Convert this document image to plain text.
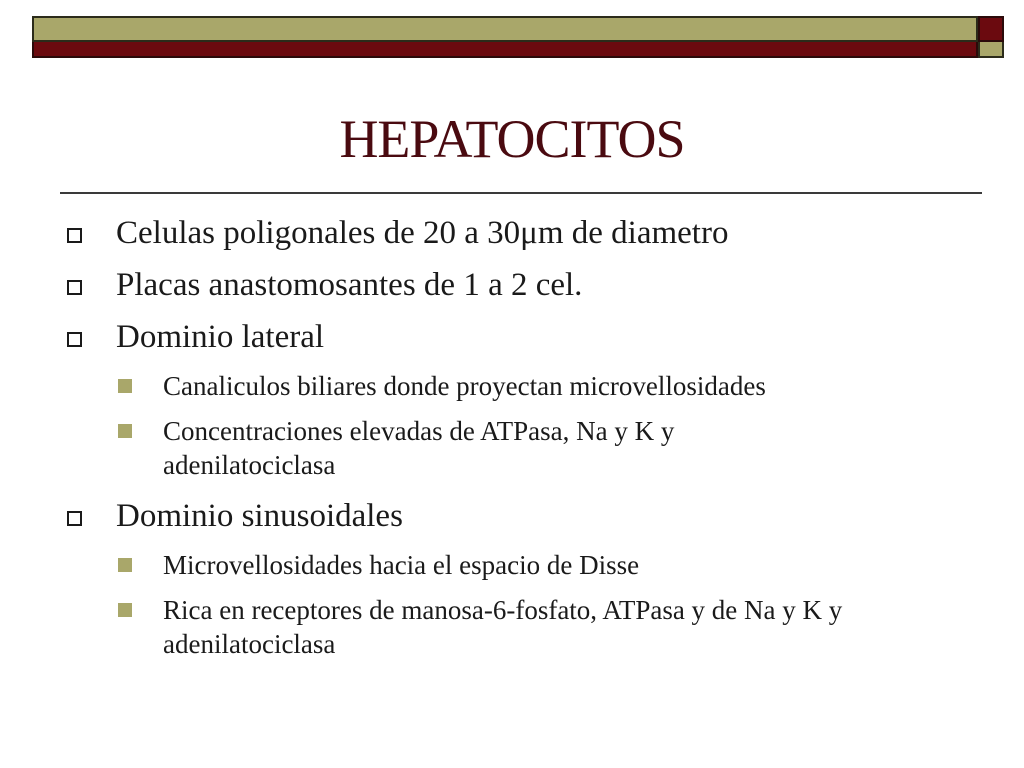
HEPATOCITOS
Celulas poligonales de 20 a 30μm de diametro
Placas anastomosantes de 1 a 2 cel.
Dominio lateral
Canaliculos biliares donde proyectan microvellosidades
Concentraciones elevadas de ATPasa, Na y K y adenilatociclasa
Dominio sinusoidales
Microvellosidades hacia el espacio de Disse
Rica en receptores de manosa-6-fosfato, ATPasa y de Na y K y adenilatociclasa
